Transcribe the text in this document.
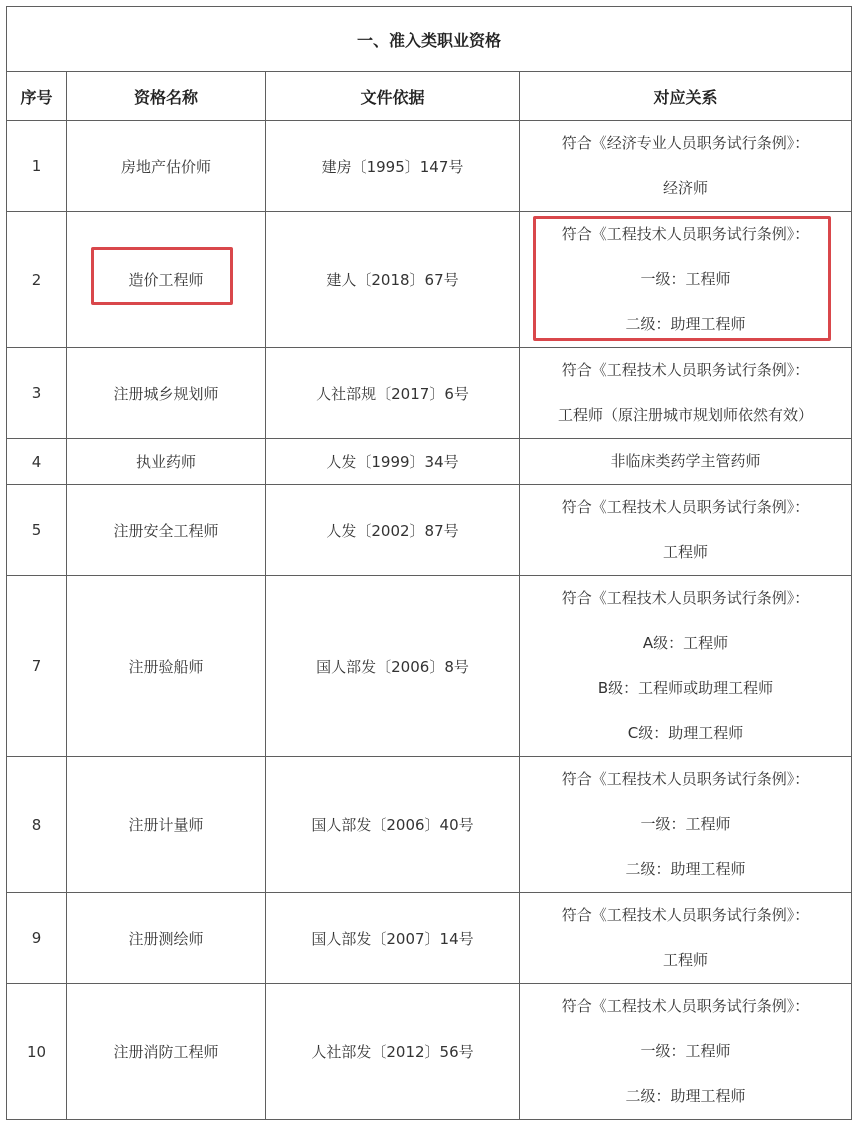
一、准入类职业资格			
序号	资格名称	文件依据	对应关系
1	房地产估价师	建房〔1995〕147号	符合《经济专业人员职务试行条例》：
经济师

2	造价工程师	建人〔2018〕67号	符合《工程技术人员职务试行条例》：
一级：工程师
二级：助理工程师

3	注册城乡规划师	人社部规〔2017〕6号	符合《工程技术人员职务试行条例》：
工程师（原注册城市规划师依然有效）

4	执业药师	人发〔1999〕34号	非临床类药学主管药师

5	注册安全工程师	人发〔2002〕87号	符合《工程技术人员职务试行条例》：
工程师

7	注册验船师	国人部发〔2006〕8号	符合《工程技术人员职务试行条例》：
A级：工程师
B级：工程师或助理工程师
C级：助理工程师

8	注册计量师	国人部发〔2006〕40号	符合《工程技术人员职务试行条例》：
一级：工程师
二级：助理工程师

9	注册测绘师	国人部发〔2007〕14号	符合《工程技术人员职务试行条例》：
工程师

10	注册消防工程师	人社部发〔2012〕56号	符合《工程技术人员职务试行条例》：
一级：工程师
二级：助理工程师
